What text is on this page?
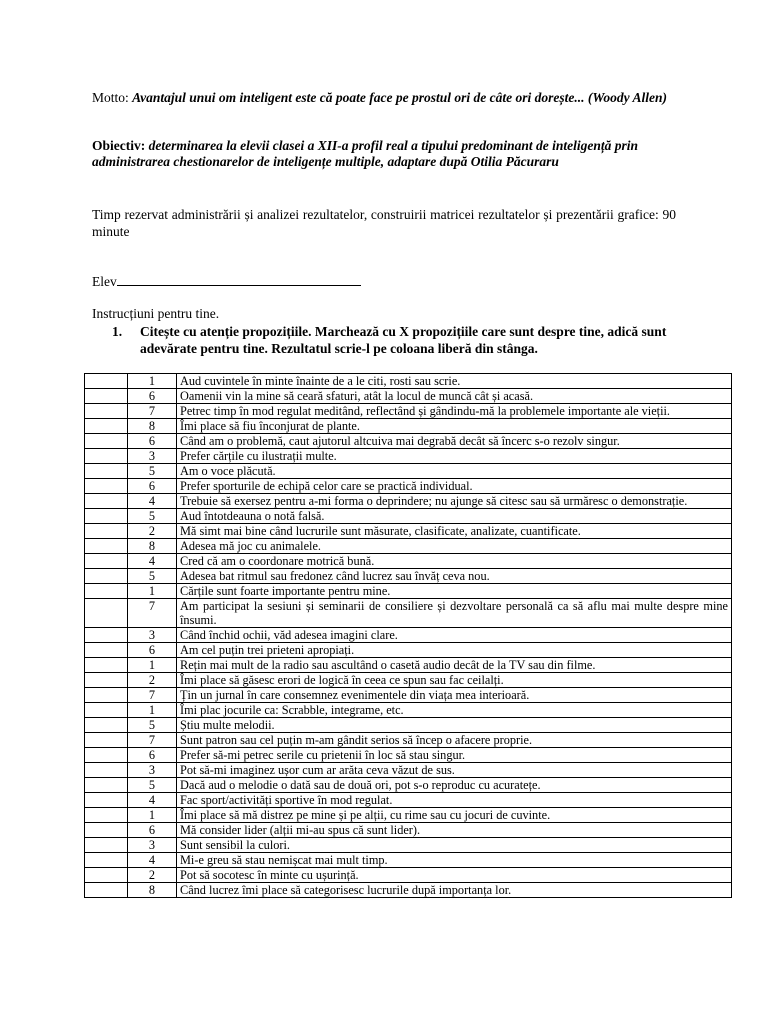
Motto: Avantajul unui om inteligent este că poate face pe prostul ori de câte ori dorește... (Woody Allen)
Obiectiv: determinarea la elevii clasei a XII-a profil real a tipului predominant de inteligență prin administrarea chestionarelor de inteligențe multiple, adaptare după Otilia Păcuraru
Timp rezervat administrării și analizei rezultatelor, construirii matricei rezultatelor și prezentării grafice: 90 minute
Elev
Instrucțiuni pentru tine.
1.	Citește cu atenție propozițiile. Marchează cu X propozițiile care sunt despre tine, adică sunt adevărate pentru tine. Rezultatul scrie-l pe coloana liberă din stânga.
	1	Aud cuvintele în minte înainte de a le citi, rosti sau scrie.
	6	Oamenii vin la mine să ceară sfaturi, atât la locul de muncă cât și acasă.
	7	Petrec timp în mod regulat meditând, reflectând și gândindu-mă la problemele importante ale vieții.
	8	Îmi place să fiu înconjurat de plante.
	6	Când am o problemă, caut ajutorul altcuiva mai degrabă decât să încerc s-o rezolv singur.
	3	Prefer cărțile cu ilustrații multe.
	5	Am o voce plăcută.
	6	Prefer sporturile de echipă celor care se practică individual.
	4	Trebuie să exersez pentru a-mi forma o deprindere; nu ajunge să citesc sau să urmăresc o demonstrație.
	5	Aud întotdeauna o notă falsă.
	2	Mă simt mai bine când lucrurile sunt măsurate, clasificate, analizate, cuantificate.
	8	Adesea mă joc cu animalele.
	4	Cred că am o coordonare motrică bună.
	5	Adesea bat ritmul sau fredonez când lucrez sau învăț ceva nou.
	1	Cărțile sunt foarte importante pentru mine.
	7	Am participat la sesiuni și seminarii de consiliere și dezvoltare personală ca să aflu mai multe despre mine însumi.
	3	Când închid ochii, văd adesea imagini clare.
	6	Am cel puțin trei prieteni apropiați.
	1	Rețin mai mult de la radio sau ascultând o casetă audio decât de la TV sau din filme.
	2	Îmi place să găsesc erori de logică în ceea ce spun sau fac ceilalți.
	7	Țin un jurnal în care consemnez evenimentele din viața mea interioară.
	1	Îmi plac jocurile ca: Scrabble, integrame, etc.
	5	Știu multe melodii.
	7	Sunt patron sau cel puțin m-am gândit serios să încep o afacere proprie.
	6	Prefer să-mi petrec serile cu prietenii în loc să stau singur.
	3	Pot să-mi imaginez ușor cum ar arăta ceva văzut de sus.
	5	Dacă aud o melodie o dată sau de două ori, pot s-o reproduc cu acuratețe.
	4	Fac sport/activități sportive în mod regulat.
	1	Îmi place să mă distrez pe mine și pe alții, cu rime sau cu jocuri de cuvinte.
	6	Mă consider lider (alții mi-au spus că sunt lider).
	3	Sunt sensibil la culori.
	4	Mi-e greu să stau nemișcat mai mult timp.
	2	Pot să socotesc în minte cu ușurință.
	8	Când lucrez îmi place să categorisesc lucrurile după importanța lor.
